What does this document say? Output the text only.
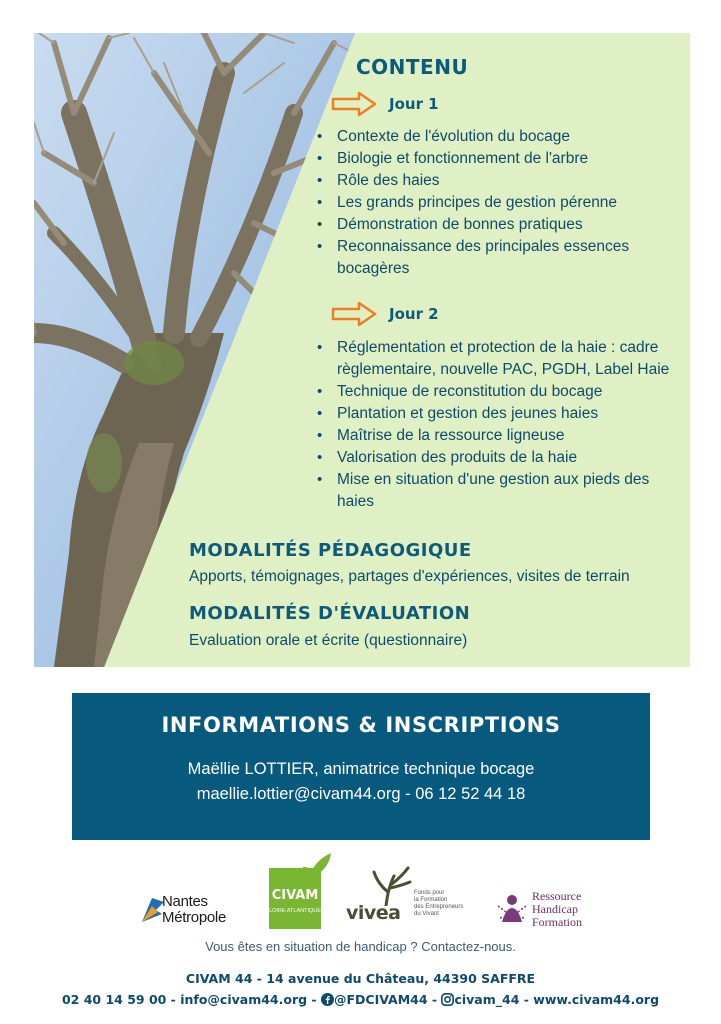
CONTENU
Jour 1
• Contexte de l'évolution du bocage
• Biologie et fonctionnement de l'arbre
• Rôle des haies
• Les grands principes de gestion pérenne
• Démonstration de bonnes pratiques
• Reconnaissance des principales essences
bocagères
Jour 2
• Réglementation et protection de la haie : cadre
règlementaire, nouvelle PAC, PGDH, Label Haie
• Technique de reconstitution du bocage
• Plantation et gestion des jeunes haies
• Maîtrise de la ressource ligneuse
• Valorisation des produits de la haie
• Mise en situation d'une gestion aux pieds des
haies
MODALITÉS PÉDAGOGIQUE
Apports, témoignages, partages d'expériences, visites de terrain
MODALITÉS D'ÉVALUATION
Evaluation orale et écrite (questionnaire)
INFORMATIONS & INSCRIPTIONS
Maëllie LOTTIER, animatrice technique bocage
maellie.lottier@civam44.org - 06 12 52 44 18
Nantes
Métropole
CIVAM
LOIRE ATLANTIQUE vivea
Fonds pour
la Formation
des Entrepreneurs
du Vivant
Ressource
Handicap
Formation
Vous êtes en situation de handicap ? Contactez-nous.
CIVAM 44 - 14 avenue du Château, 44390 SAFFRE
02 40 14 59 00 - info@civam44.org - @FDCIVAM44 - civam_44 - www.civam44.org
